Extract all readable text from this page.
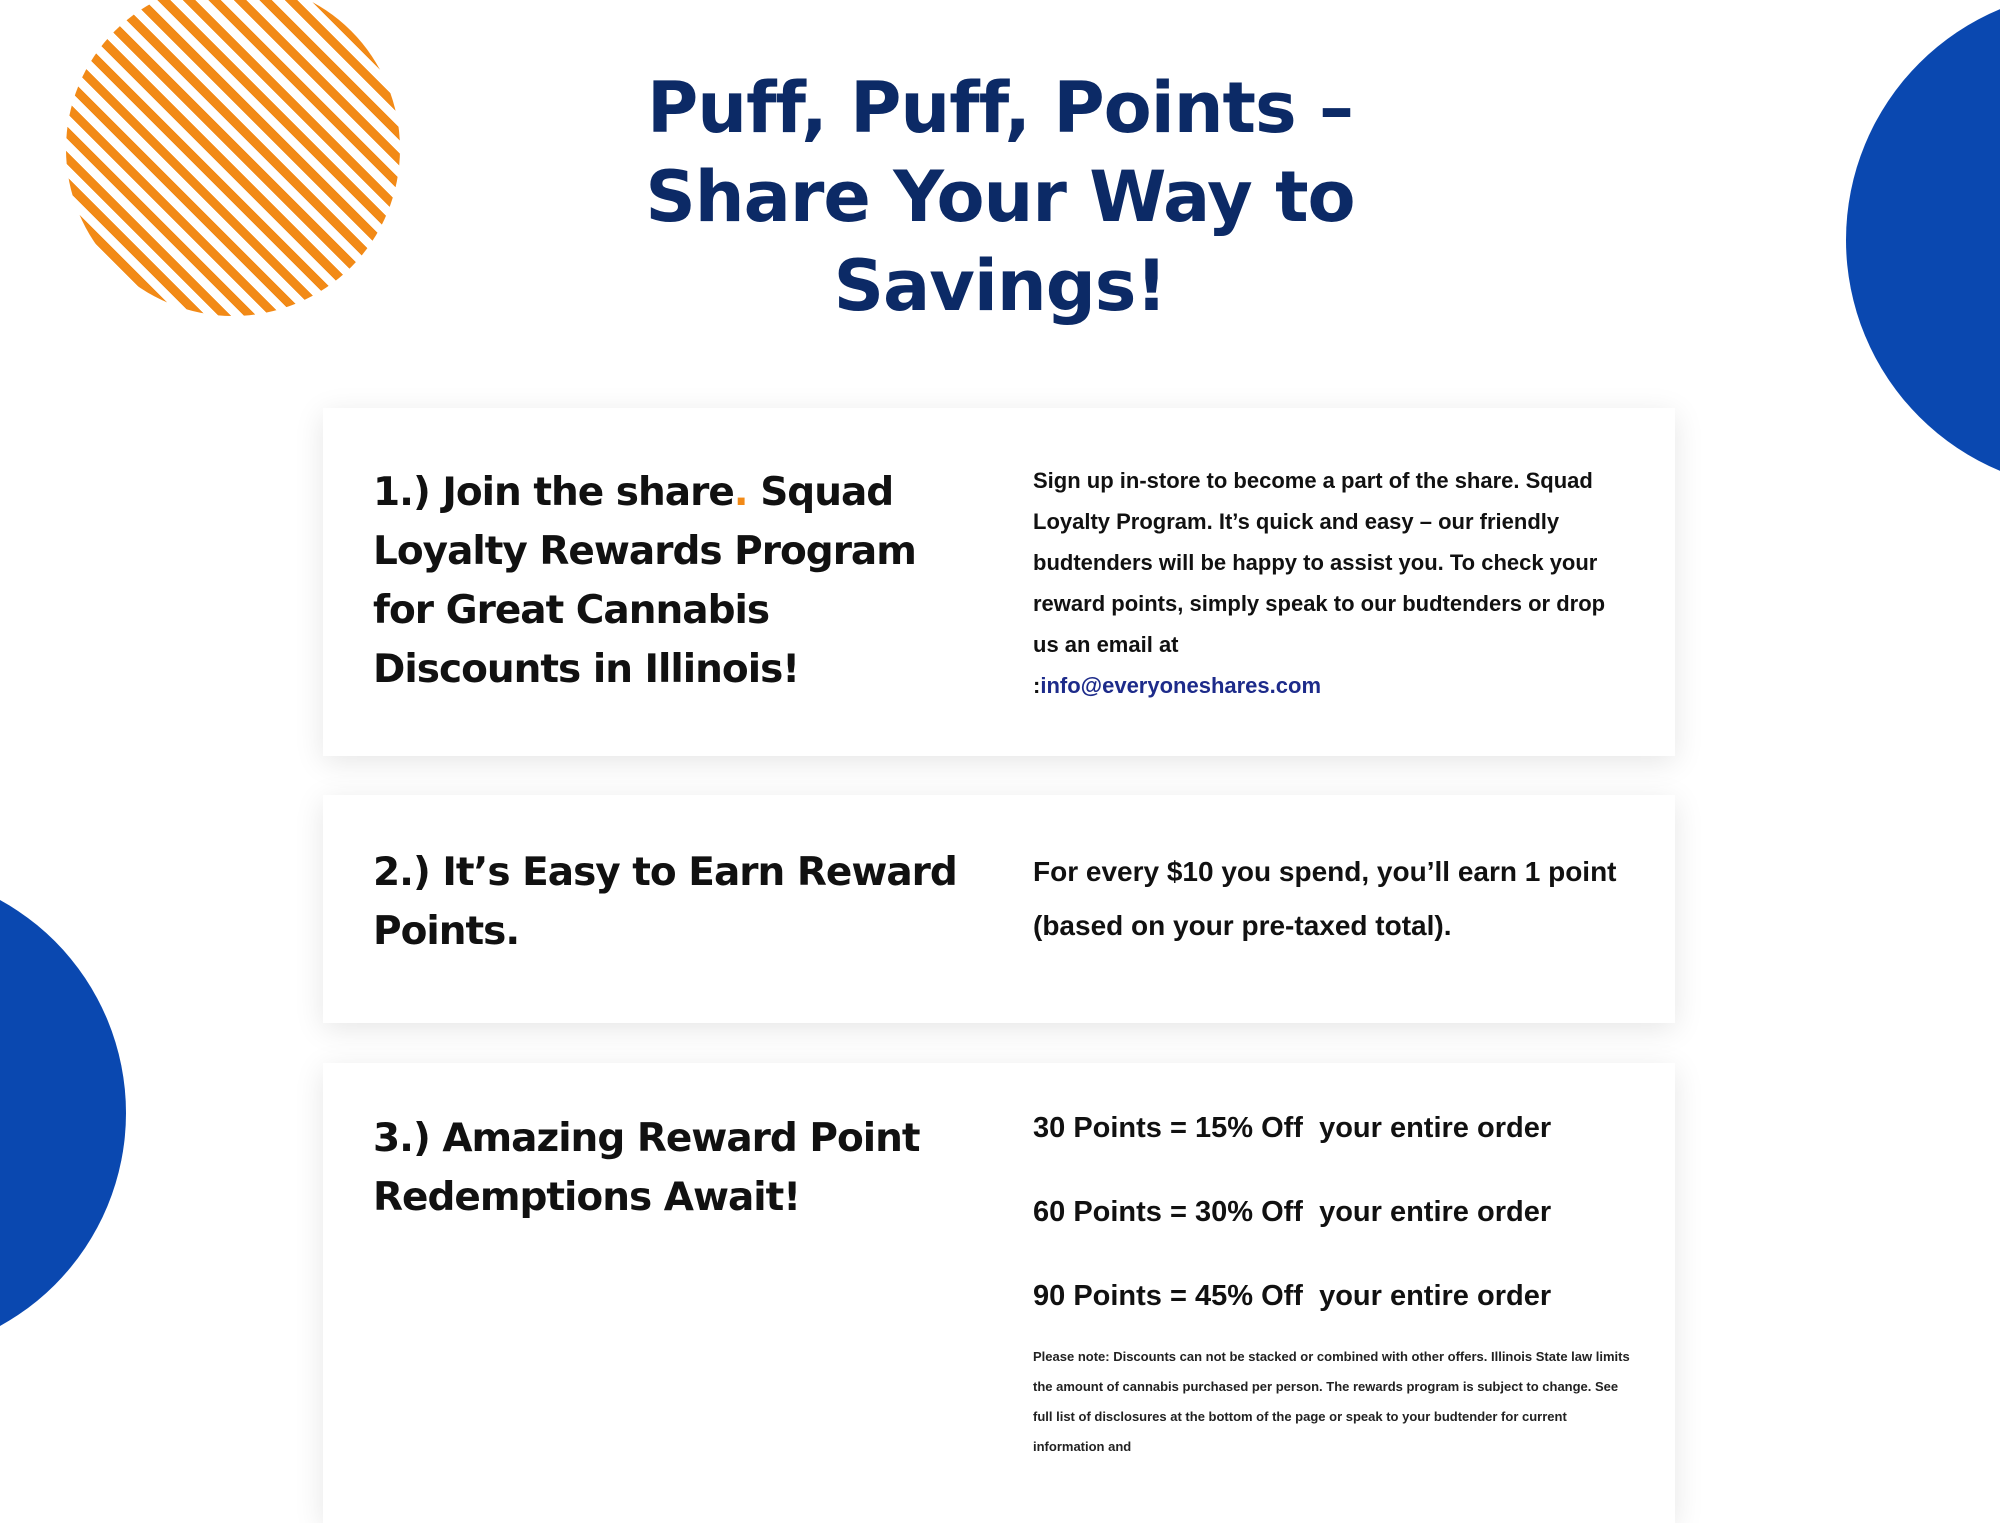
Puff, Puff, Points – Share Your Way to Savings!
1.) Join the share. Squad Loyalty Rewards Program for Great Cannabis Discounts in Illinois!
Sign up in-store to become a part of the share. Squad Loyalty Program. It’s quick and easy – our friendly budtenders will be happy to assist you. To check your reward points, simply speak to our budtenders or drop us an email at
:info@everyoneshares.com
2.) It’s Easy to Earn Reward Points.
For every $10 you spend, you’ll earn 1 point (based on your pre-taxed total).
3.) Amazing Reward Point Redemptions Await!

30 Points = 15% Off  your entire order

60 Points = 30% Off  your entire order

90 Points = 45% Off  your entire order

Please note: Discounts can not be stacked or combined with other offers. Illinois State law limits the amount of cannabis purchased per person. The rewards program is subject to change. See full list of disclosures at the bottom of the page or speak to your budtender for current information and
